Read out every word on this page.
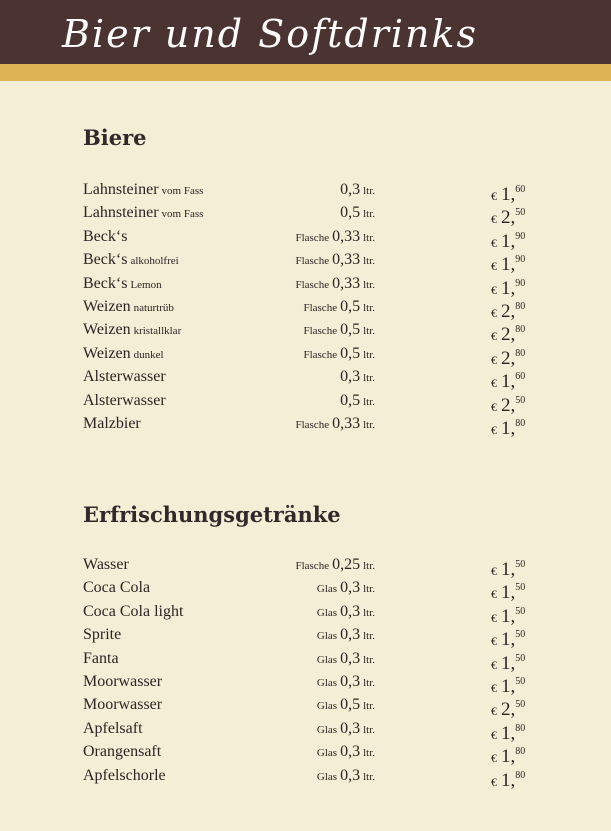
Bier und Softdrinks
Biere
Lahnsteiner vom Fass	0,3 ltr.	€ 1,60
Lahnsteiner vom Fass	0,5 ltr.	€ 2,50
Beck‘s	Flasche 0,33 ltr.	€ 1,90
Beck‘s alkoholfrei	Flasche 0,33 ltr.	€ 1,90
Beck‘s Lemon	Flasche 0,33 ltr.	€ 1,90
Weizen naturtrüb	Flasche 0,5 ltr.	€ 2,80
Weizen kristallklar	Flasche 0,5 ltr.	€ 2,80
Weizen dunkel	Flasche 0,5 ltr.	€ 2,80
Alsterwasser	0,3 ltr.	€ 1,60
Alsterwasser	0,5 ltr.	€ 2,50
Malzbier	Flasche 0,33 ltr.	€ 1,80
Erfrischungsgetränke
Wasser	Flasche 0,25 ltr.	€ 1,50
Coca Cola	Glas 0,3 ltr.	€ 1,50
Coca Cola light	Glas 0,3 ltr.	€ 1,50
Sprite	Glas 0,3 ltr.	€ 1,50
Fanta	Glas 0,3 ltr.	€ 1,50
Moorwasser	Glas 0,3 ltr.	€ 1,50
Moorwasser	Glas 0,5 ltr.	€ 2,50
Apfelsaft	Glas 0,3 ltr.	€ 1,80
Orangensaft	Glas 0,3 ltr.	€ 1,80
Apfelschorle	Glas 0,3 ltr.	€ 1,80
